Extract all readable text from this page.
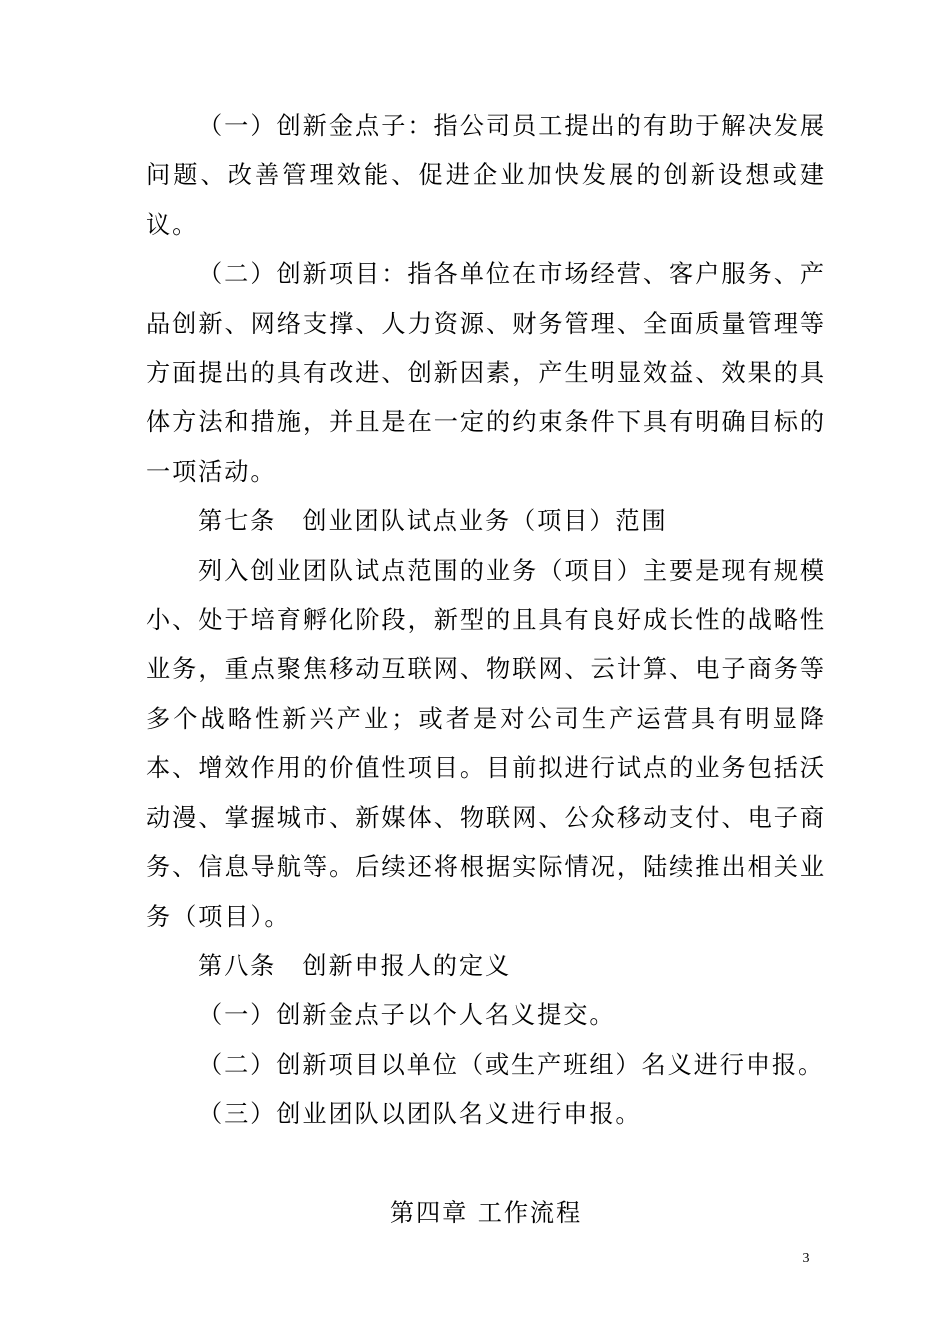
（一）创新金点子：指公司员工提出的有助于解决发展问题、改善管理效能、促进企业加快发展的创新设想或建议。

（二）创新项目：指各单位在市场经营、客户服务、产品创新、网络支撑、人力资源、财务管理、全面质量管理等方面提出的具有改进、创新因素，产生明显效益、效果的具体方法和措施，并且是在一定的约束条件下具有明确目标的一项活动。

第七条　创业团队试点业务（项目）范围

列入创业团队试点范围的业务（项目）主要是现有规模小、处于培育孵化阶段，新型的且具有良好成长性的战略性业务，重点聚焦移动互联网、物联网、云计算、电子商务等多个战略性新兴产业；或者是对公司生产运营具有明显降本、增效作用的价值性项目。目前拟进行试点的业务包括沃动漫、掌握城市、新媒体、物联网、公众移动支付、电子商务、信息导航等。后续还将根据实际情况，陆续推出相关业务（项目）。

第八条　创新申报人的定义

（一）创新金点子以个人名义提交。

（二）创新项目以单位（或生产班组）名义进行申报。

（三）创业团队以团队名义进行申报。

第四章 工作流程

3
